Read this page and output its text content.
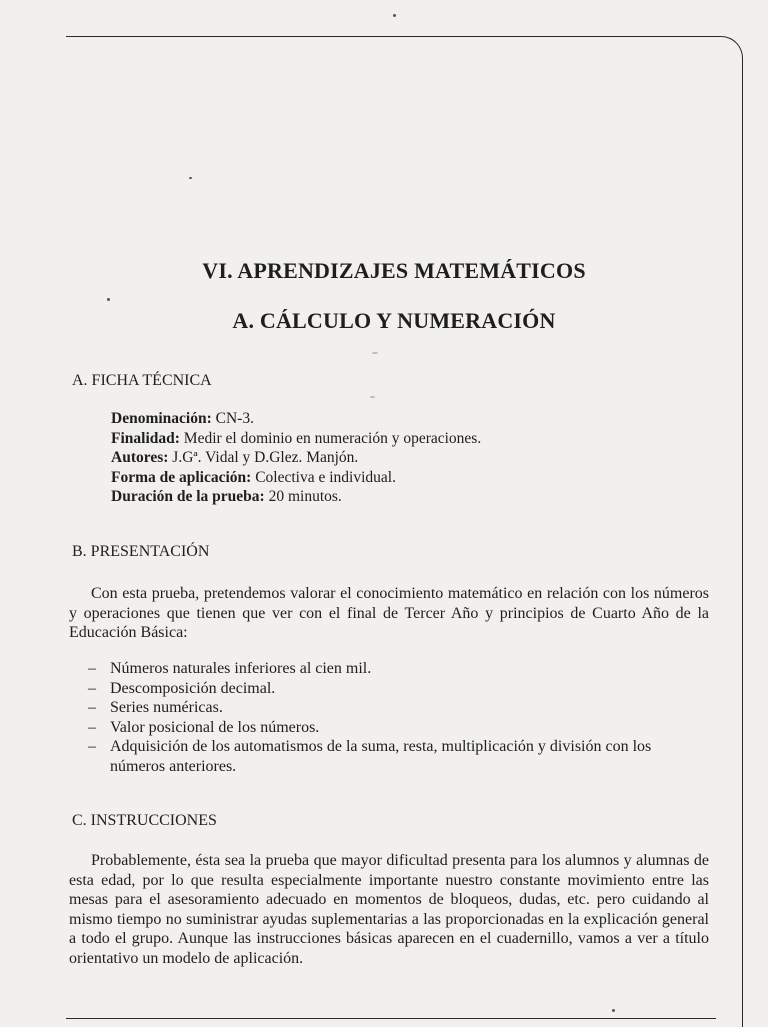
VI. APRENDIZAJES MATEMÁTICOS
A. CÁLCULO Y NUMERACIÓN
A. FICHA TÉCNICA
Denominación: CN-3.
Finalidad: Medir el dominio en numeración y operaciones.
Autores: J.Gª. Vidal y D.Glez. Manjón.
Forma de aplicación: Colectiva e individual.
Duración de la prueba: 20 minutos.
B. PRESENTACIÓN
Con esta prueba, pretendemos valorar el conocimiento matemático en relación con los números y operaciones que tienen que ver con el final de Tercer Año y principios de Cuarto Año de la Educación Básica:
– Números naturales inferiores al cien mil.
– Descomposición decimal.
– Series numéricas.
– Valor posicional de los números.
– Adquisición de los automatismos de la suma, resta, multiplicación y división con los números anteriores.
C. INSTRUCCIONES
Probablemente, ésta sea la prueba que mayor dificultad presenta para los alumnos y alumnas de esta edad, por lo que resulta especialmente importante nuestro constante movimiento entre las mesas para el asesoramiento adecuado en momentos de bloqueos, dudas, etc. pero cuidando al mismo tiempo no suministrar ayudas suplementarias a las proporcionadas en la explicación general a todo el grupo. Aunque las instrucciones básicas aparecen en el cuadernillo, vamos a ver a título orientativo un modelo de aplicación.
